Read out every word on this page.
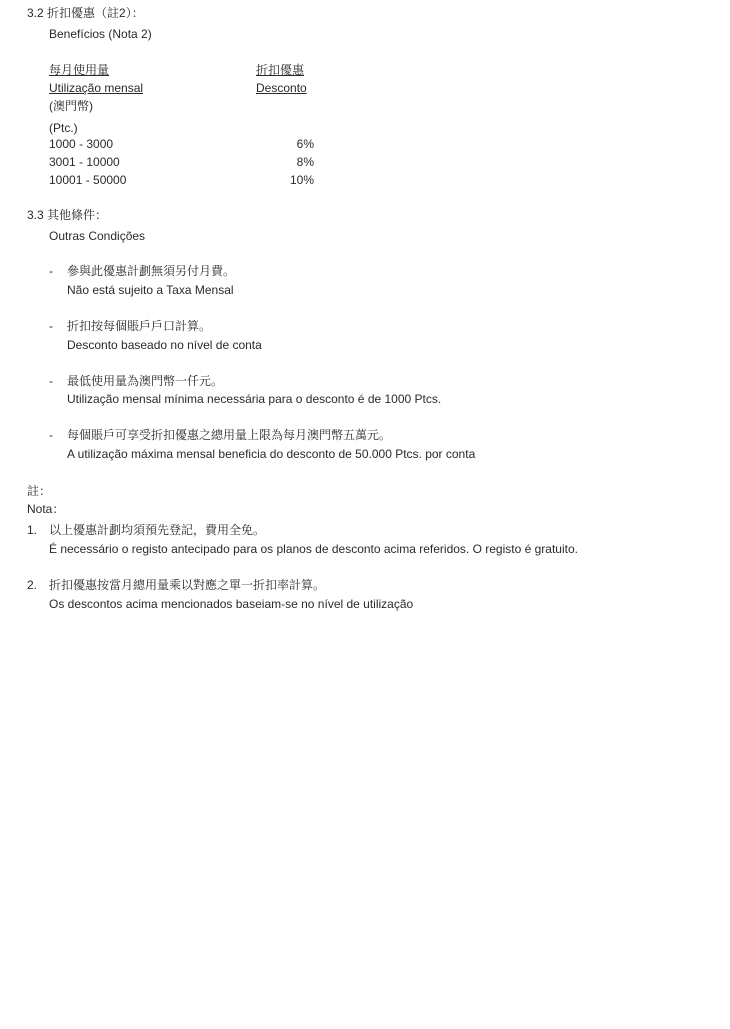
3.2 折扣優惠（註2）：
Benefícios (Nota 2)
每月使用量	折扣優惠
Utilização mensal	Desconto
(澳門幣)
(Ptc.)
1000 - 3000	6%
3001 - 10000	8%
10001 - 50000	10%
3.3 其他條件：
Outras Condições
- 參與此優惠計劃無須另付月費。
Não está sujeito a Taxa Mensal
- 折扣按每個賬戶戶口計算。
Desconto baseado no nível de conta
- 最低使用量為澳門幣一仟元。
Utilização mensal mínima necessária para o desconto é de 1000 Ptcs.
- 每個賬戶可享受折扣優惠之總用量上限為每月澳門幣五萬元。
A utilização máxima mensal beneficia do desconto de 50.000 Ptcs. por conta
註：
Nota：
1. 以上優惠計劃均須預先登記，費用全免。
É necessário o registo antecipado para os planos de desconto acima referidos. O registo é gratuito.
2. 折扣優惠按當月總用量乘以對應之單一折扣率計算。
Os descontos acima mencionados baseiam-se no nível de utilização
